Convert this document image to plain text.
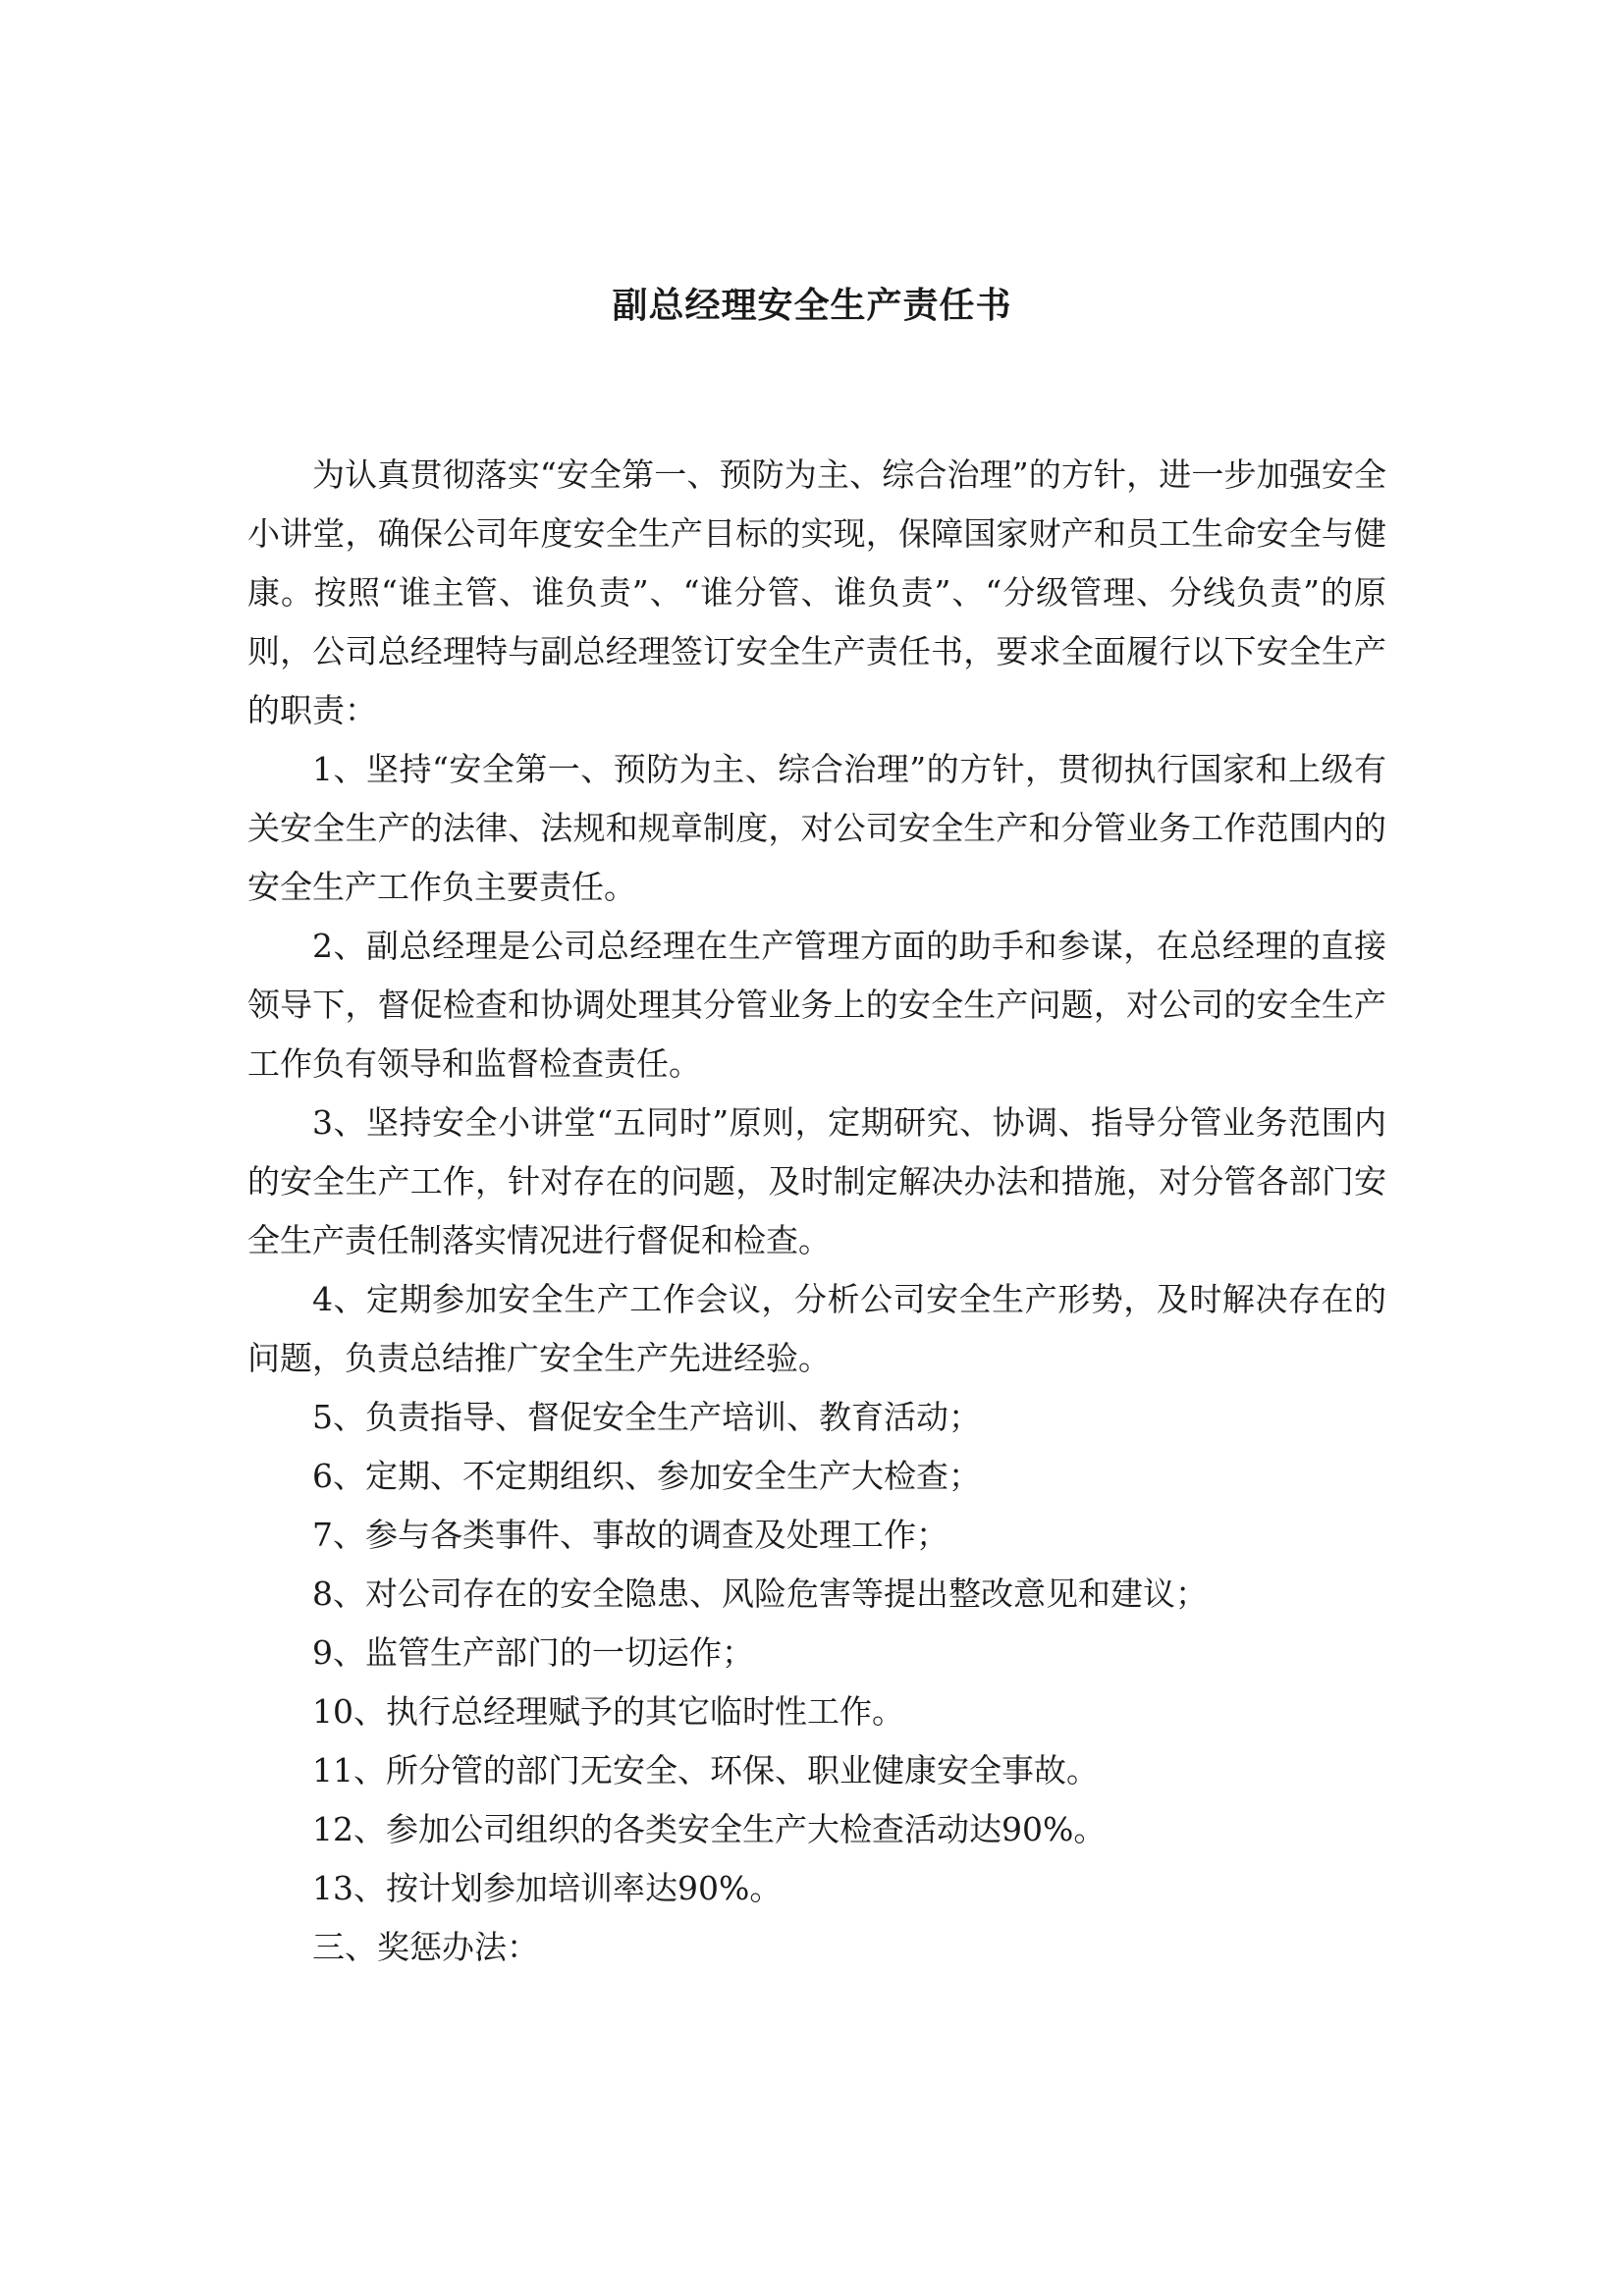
副总经理安全生产责任书

为认真贯彻落实“安全第一、预防为主、综合治理”的方针，进一步加强安全小讲堂，确保公司年度安全生产目标的实现，保障国家财产和员工生命安全与健康。按照“谁主管、谁负责”、“谁分管、谁负责”、“分级管理、分线负责”的原则，公司总经理特与副总经理签订安全生产责任书，要求全面履行以下安全生产的职责：

1、坚持“安全第一、预防为主、综合治理”的方针，贯彻执行国家和上级有关安全生产的法律、法规和规章制度，对公司安全生产和分管业务工作范围内的安全生产工作负主要责任。

2、副总经理是公司总经理在生产管理方面的助手和参谋，在总经理的直接领导下，督促检查和协调处理其分管业务上的安全生产问题，对公司的安全生产工作负有领导和监督检查责任。

3、坚持安全小讲堂“五同时”原则，定期研究、协调、指导分管业务范围内的安全生产工作，针对存在的问题，及时制定解决办法和措施，对分管各部门安全生产责任制落实情况进行督促和检查。

4、定期参加安全生产工作会议，分析公司安全生产形势，及时解决存在的问题，负责总结推广安全生产先进经验。

5、负责指导、督促安全生产培训、教育活动；

6、定期、不定期组织、参加安全生产大检查；

7、参与各类事件、事故的调查及处理工作；

8、对公司存在的安全隐患、风险危害等提出整改意见和建议；

9、监管生产部门的一切运作；

10、执行总经理赋予的其它临时性工作。

11、所分管的部门无安全、环保、职业健康安全事故。

12、参加公司组织的各类安全生产大检查活动达90%。

13、按计划参加培训率达90%。

三、奖惩办法：
